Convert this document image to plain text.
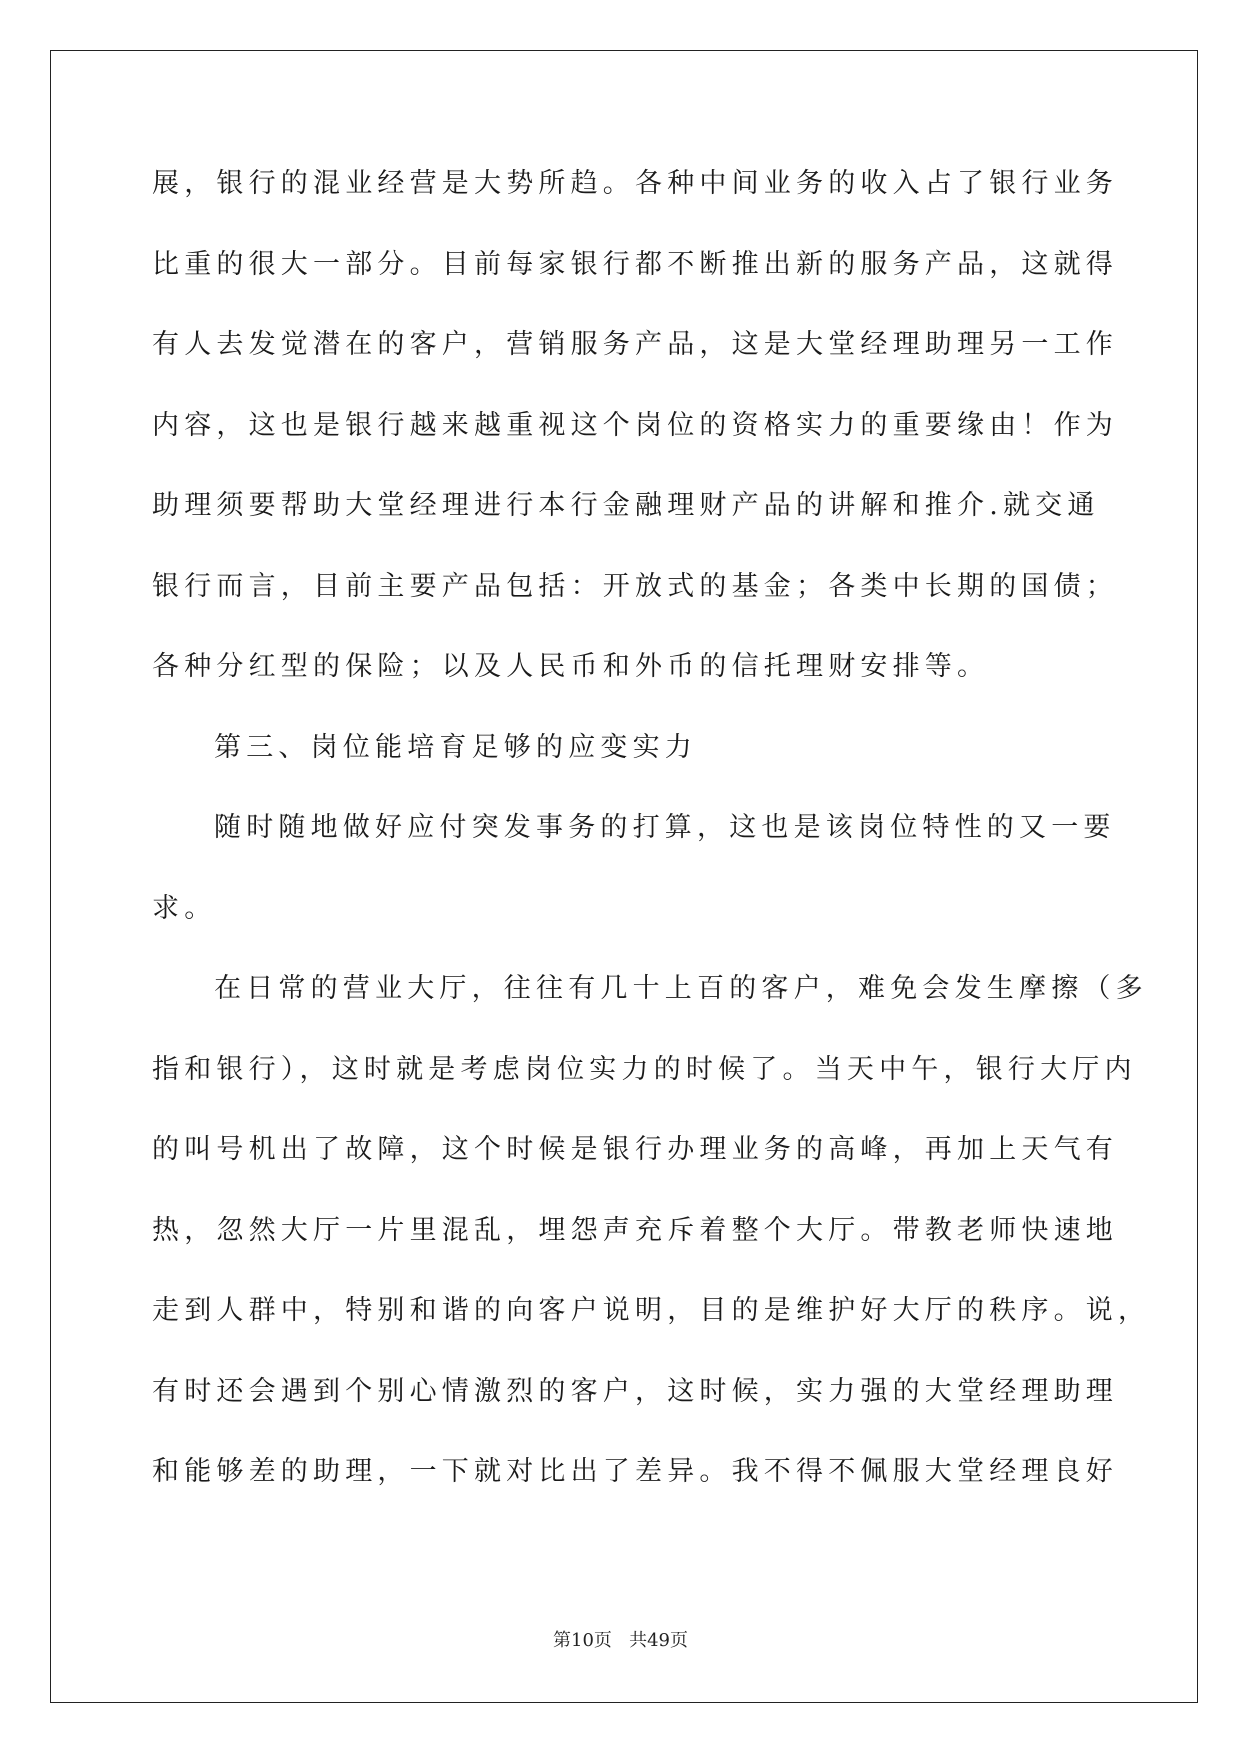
展，银行的混业经营是大势所趋。各种中间业务的收入占了银行业务
比重的很大一部分。目前每家银行都不断推出新的服务产品，这就得
有人去发觉潜在的客户，营销服务产品，这是大堂经理助理另一工作
内容，这也是银行越来越重视这个岗位的资格实力的重要缘由！作为
助理须要帮助大堂经理进行本行金融理财产品的讲解和推介.就交通
银行而言，目前主要产品包括：开放式的基金；各类中长期的国债；
各种分红型的保险；以及人民币和外币的信托理财安排等。
第三、岗位能培育足够的应变实力
随时随地做好应付突发事务的打算，这也是该岗位特性的又一要
求。
在日常的营业大厅，往往有几十上百的客户，难免会发生摩擦（多
指和银行），这时就是考虑岗位实力的时候了。当天中午，银行大厅内
的叫号机出了故障，这个时候是银行办理业务的高峰，再加上天气有
热，忽然大厅一片里混乱，埋怨声充斥着整个大厅。带教老师快速地
走到人群中，特别和谐的向客户说明，目的是维护好大厅的秩序。说，
有时还会遇到个别心情激烈的客户，这时候，实力强的大堂经理助理
和能够差的助理，一下就对比出了差异。我不得不佩服大堂经理良好
第10页   共49页
